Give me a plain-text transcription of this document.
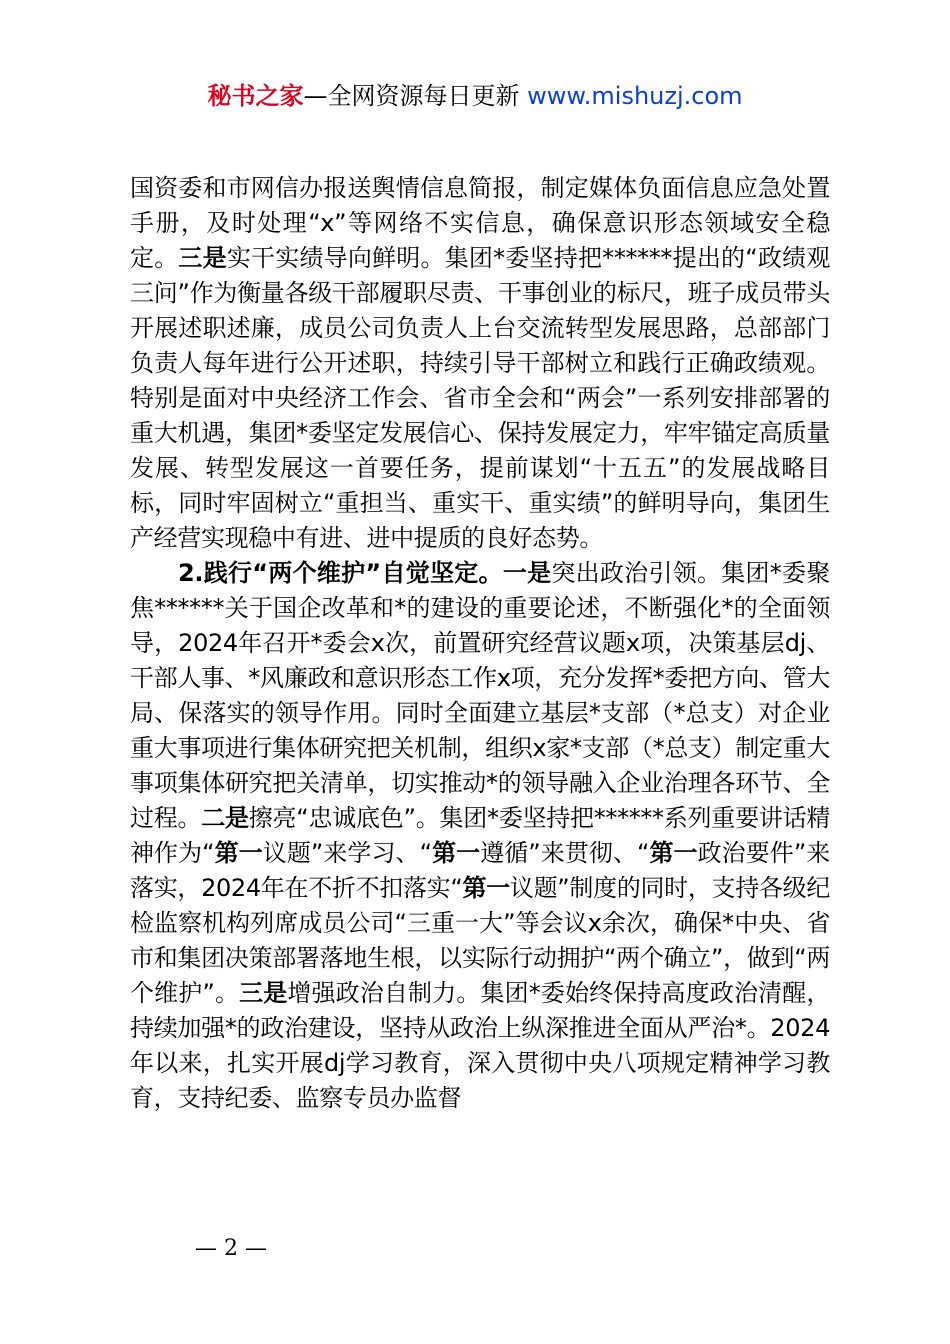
秘书之家—全网资源每日更新 www.mishuzj.com

国资委和市网信办报送舆情信息简报，制定媒体负面信息应急处置手册，及时处理“x”等网络不实信息，确保意识形态领域安全稳定。三是实干实绩导向鲜明。集团*委坚持把******提出的“政绩观三问”作为衡量各级干部履职尽责、干事创业的标尺，班子成员带头开展述职述廉，成员公司负责人上台交流转型发展思路，总部部门负责人每年进行公开述职，持续引导干部树立和践行正确政绩观。特别是面对中央经济工作会、省市全会和“两会”一系列安排部署的重大机遇，集团*委坚定发展信心、保持发展定力，牢牢锚定高质量发展、转型发展这一首要任务，提前谋划“十五五”的发展战略目标，同时牢固树立“重担当、重实干、重实绩”的鲜明导向，集团生产经营实现稳中有进、进中提质的良好态势。

2.践行“两个维护”自觉坚定。一是突出政治引领。集团*委聚焦******关于国企改革和*的建设的重要论述，不断强化*的全面领导，2024年召开*委会x次，前置研究经营议题x项，决策基层dj、干部人事、*风廉政和意识形态工作x项，充分发挥*委把方向、管大局、保落实的领导作用。同时全面建立基层*支部（*总支）对企业重大事项进行集体研究把关机制，组织x家*支部（*总支）制定重大事项集体研究把关清单，切实推动*的领导融入企业治理各环节、全过程。二是擦亮“忠诚底色”。集团*委坚持把******系列重要讲话精神作为“第一议题”来学习、“第一遵循”来贯彻、“第一政治要件”来落实，2024年在不折不扣落实“第一议题”制度的同时，支持各级纪检监察机构列席成员公司“三重一大”等会议x余次，确保*中央、省市和集团决策部署落地生根，以实际行动拥护“两个确立”，做到“两个维护”。三是增强政治自制力。集团*委始终保持高度政治清醒，持续加强*的政治建设，坚持从政治上纵深推进全面从严治*。2024年以来，扎实开展dj学习教育，深入贯彻中央八项规定精神学习教育，支持纪委、监察专员办监督

— 2 —
